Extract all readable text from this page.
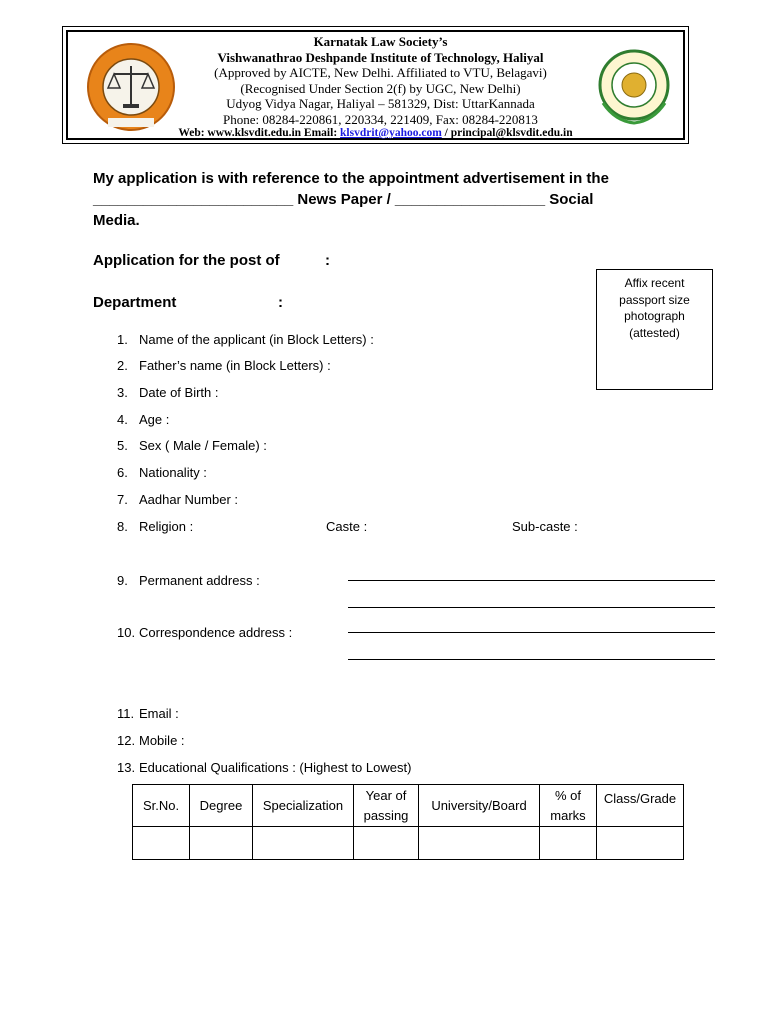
Karnatak Law Society’s
Vishwanathrao Deshpande Institute of Technology, Haliyal
(Approved by AICTE, New Delhi. Affiliated to VTU, Belagavi)
(Recognised Under Section 2(f) by UGC, New Delhi)
Udyog Vidya Nagar, Haliyal – 581329, Dist: UttarKannada
Phone: 08284-220861, 220334, 221409, Fax: 08284-220813
Web: www.klsvdit.edu.in Email: klsvdrit@yahoo.com / principal@klsvdit.edu.in
My application is with reference to the appointment advertisement in the
________________________ News Paper / __________________ Social
Media.
Application for the post of	:
Department	:
Affix recent
passport size
photograph
(attested)
1. Name of the applicant (in Block Letters) :
2. Father’s name (in Block Letters) :
3. Date of Birth :
4. Age :
5. Sex ( Male / Female) :
6. Nationality :
7. Aadhar Number :
8. Religion :	Caste :	Sub-caste :
9. Permanent address :
10. Correspondence address :
11. Email :
12. Mobile :
13. Educational Qualifications : (Highest to Lowest)
Sr.No.	Degree	Specialization	Year of passing	University/Board	% of marks	Class/Grade
